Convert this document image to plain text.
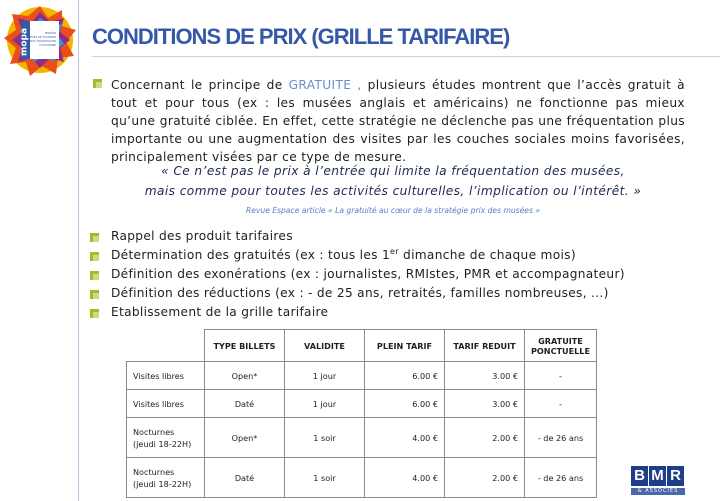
mopa	MISSION
DES OFFICES DE TOURISME
ET PAYS TOURISTIQUES
D'AQUITAINE CONDITIONS DE PRIX (GRILLE TARIFAIRE)
Concernant le principe de GRATUITE , plusieurs études montrent que l’accès gratuit à tout et pour tous (ex : les musées anglais et américains) ne fonctionne pas mieux qu’une gratuité ciblée. En effet, cette stratégie ne déclenche pas une fréquentation plus importante ou une augmentation des visites par les couches sociales moins favorisées, principalement visées par ce type de mesure.
« Ce n’est pas le prix à l’entrée qui limite la fréquentation des musées,
mais comme pour toutes les activités culturelles, l’implication ou l’intérêt. »
Revue Espace article « La gratuité au cœur de la stratégie prix des musées »
Rappel des produit tarifaires
Détermination des gratuités (ex : tous les 1er dimanche de chaque mois)
Définition des exonérations (ex : journalistes, RMIstes, PMR et accompagnateur)
Définition des réductions (ex : - de 25 ans, retraités, familles nombreuses, ...)
Etablissement de la grille tarifaire
	TYPE BILLETS	VALIDITE	PLEIN TARIF	TARIF REDUIT	GRATUITE
PONCTUELLE
Visites libres	Open*	1 jour	6.00 €	3.00 €	-
Visites libres	Daté	1 jour	6.00 €	3.00 €	-
Nocturnes
(jeudi 18-22H)	Open*	1 soir	4.00 €	2.00 €	- de 26 ans
Nocturnes
(jeudi 18-22H)	Daté	1 soir	4.00 €	2.00 €	- de 26 ans	B M R
& ASSOCIÉS
